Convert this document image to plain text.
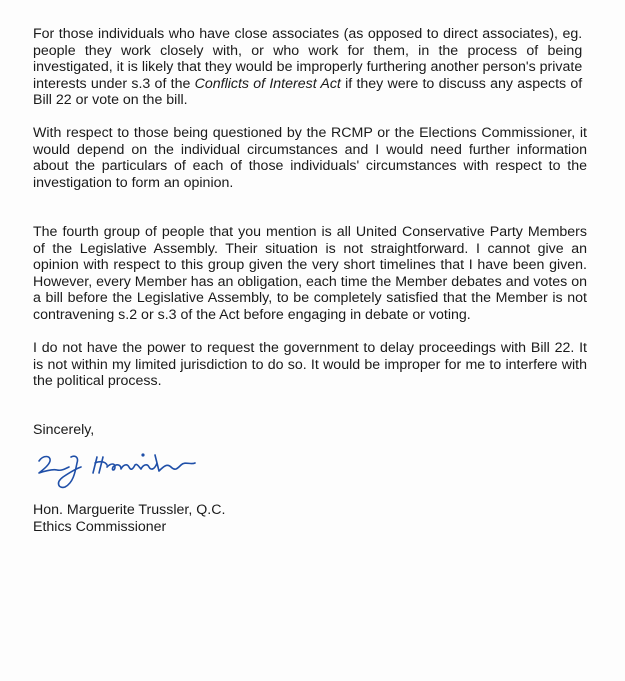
For those individuals who have close associates (as opposed to direct associates), eg.
people they work closely with, or who work for them, in the process of being
investigated, it is likely that they would be improperly furthering another person's private
interests under s.3 of the Conflicts of Interest Act if they were to discuss any aspects of
Bill 22 or vote on the bill.

With respect to those being questioned by the RCMP or the Elections Commissioner, it would depend on the individual circumstances and I would need further information about the particulars of each of those individuals' circumstances with respect to the investigation to form an opinion.

The fourth group of people that you mention is all United Conservative Party Members of the Legislative Assembly. Their situation is not straightforward. I cannot give an opinion with respect to this group given the very short timelines that I have been given. However, every Member has an obligation, each time the Member debates and votes on a bill before the Legislative Assembly, to be completely satisfied that the Member is not contravening s.2 or s.3 of the Act before engaging in debate or voting.

I do not have the power to request the government to delay proceedings with Bill 22. It is not within my limited jurisdiction to do so. It would be improper for me to interfere with the political process.

Sincerely,
Hon. Marguerite Trussler, Q.C.
Ethics Commissioner
